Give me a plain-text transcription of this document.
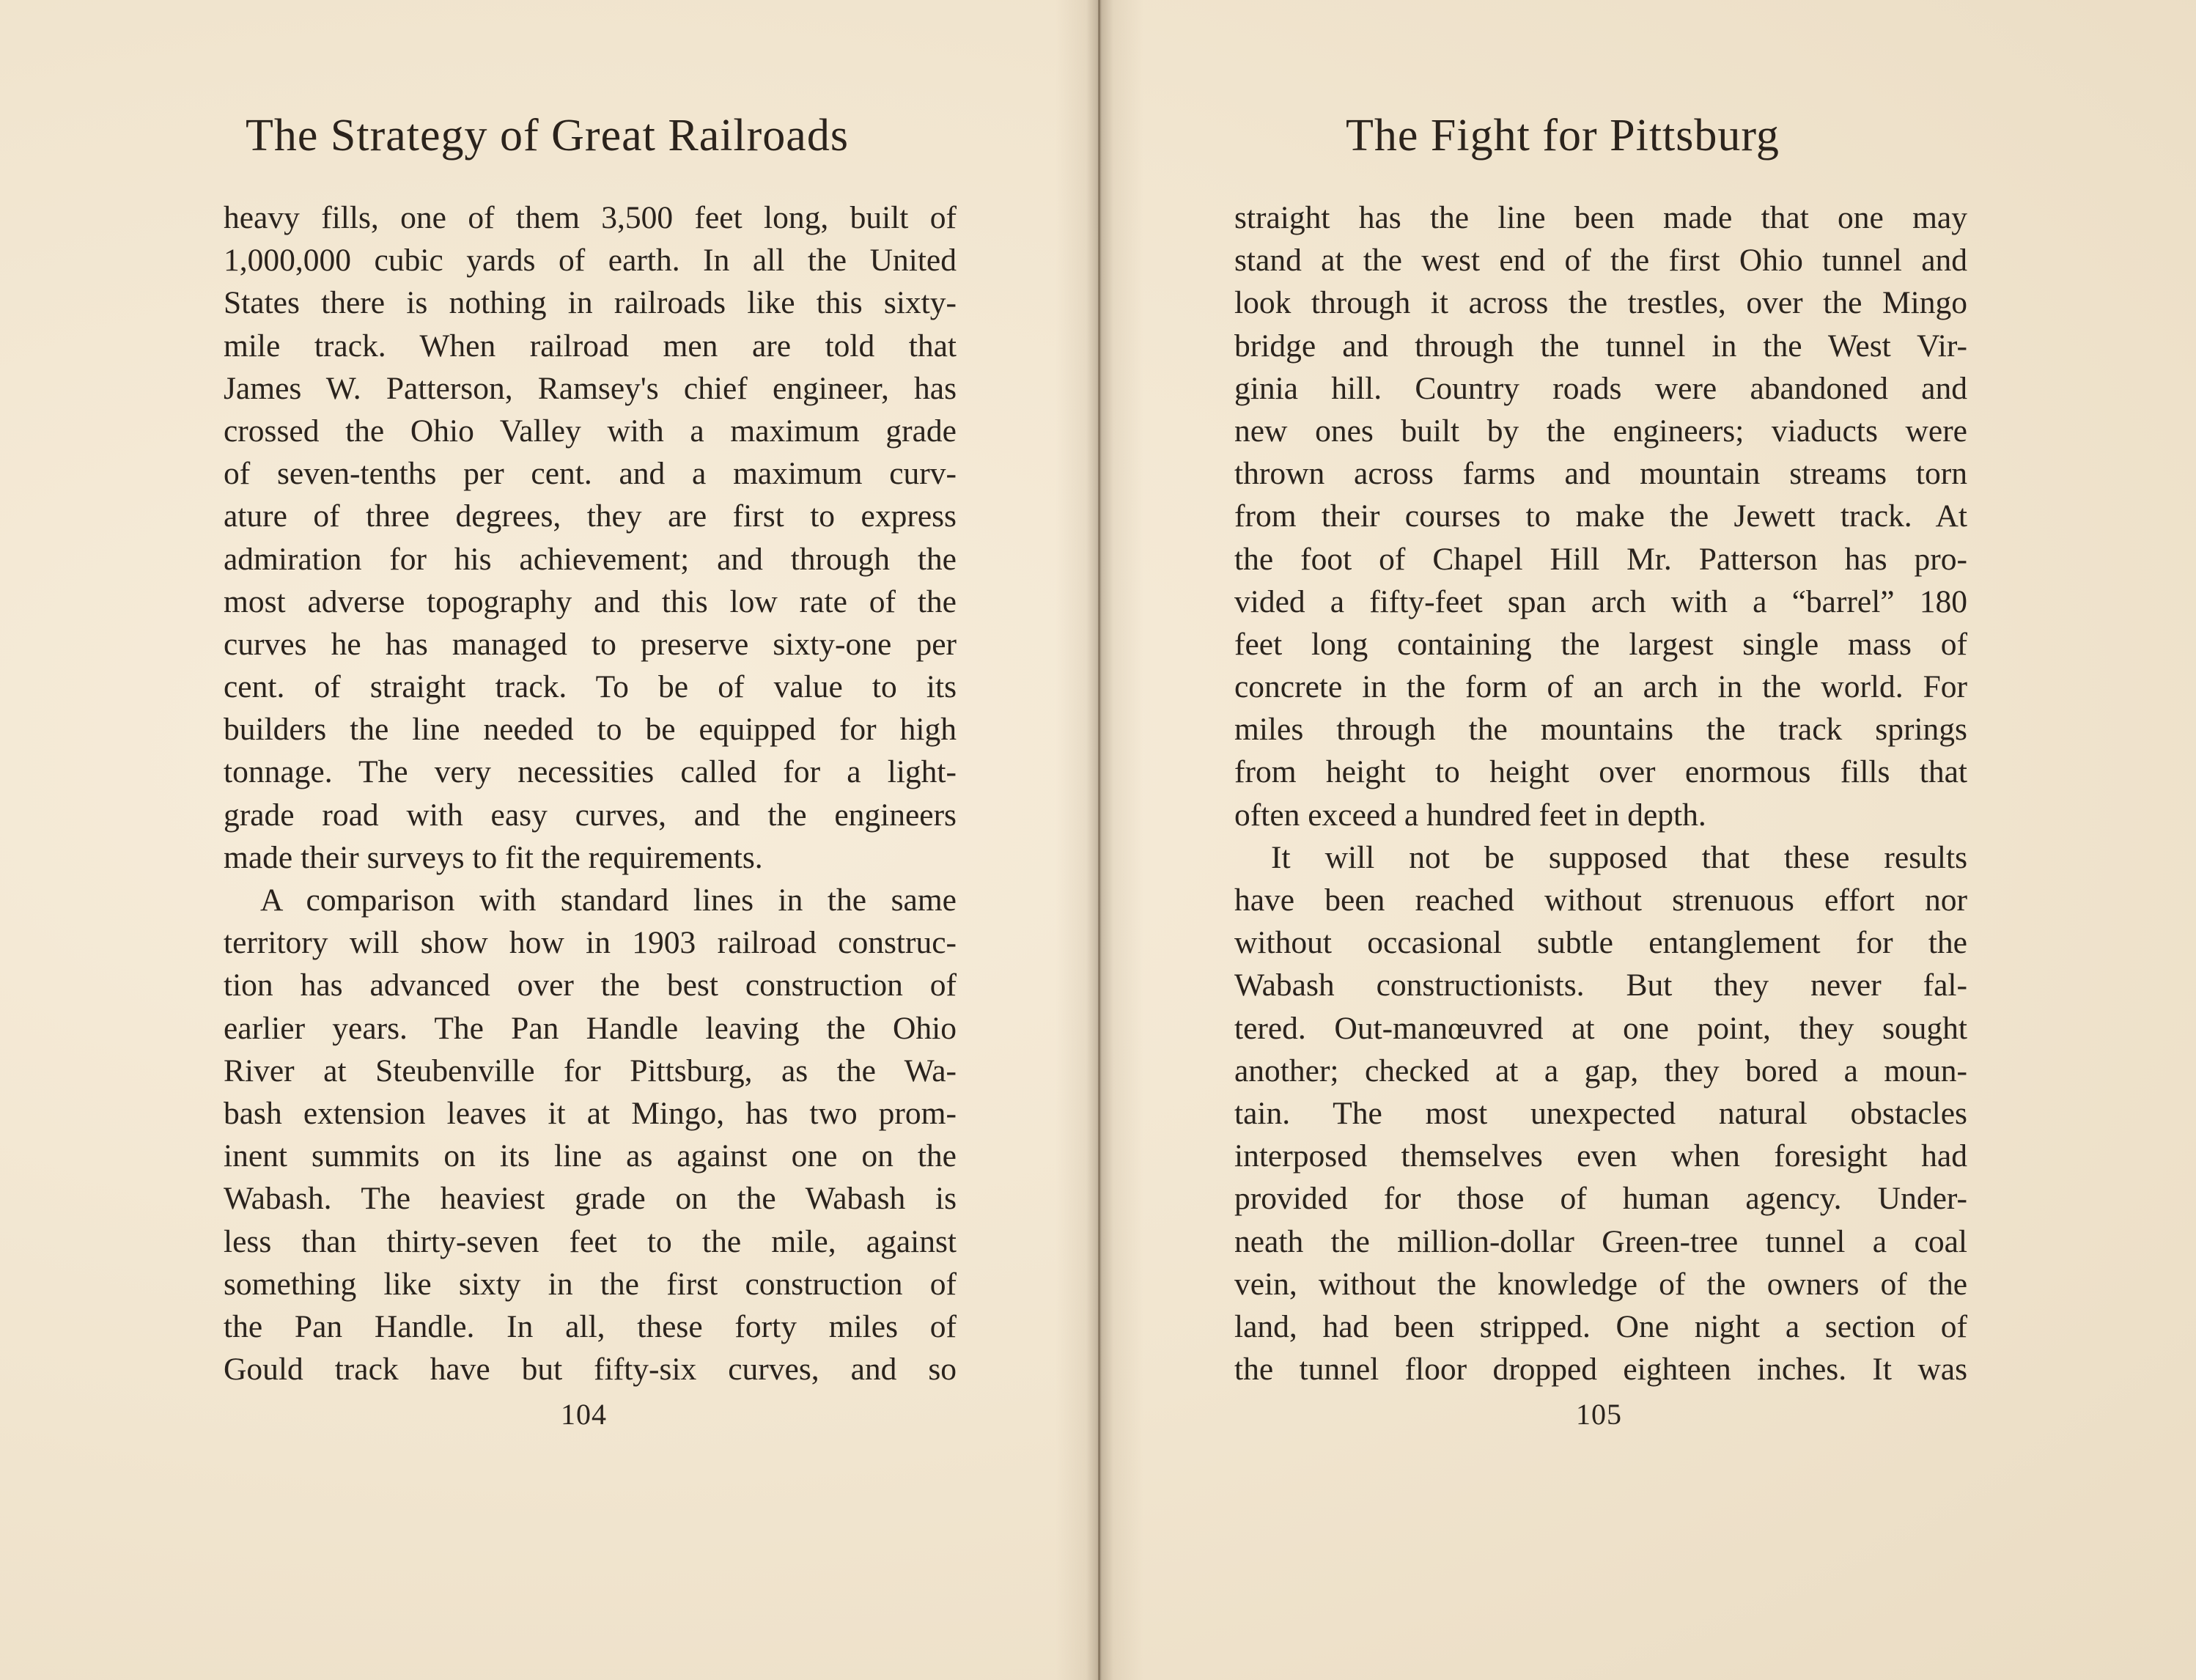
The Strategy of Great Railroads
heavy fills, one of them 3,500 feet long, built of
1,000,000 cubic yards of earth. In all the United
States there is nothing in railroads like this sixty-
mile track. When railroad men are told that
James W. Patterson, Ramsey's chief engineer, has
crossed the Ohio Valley with a maximum grade
of seven-tenths per cent. and a maximum curv-
ature of three degrees, they are first to express
admiration for his achievement; and through the
most adverse topography and this low rate of the
curves he has managed to preserve sixty-one per
cent. of straight track. To be of value to its
builders the line needed to be equipped for high
tonnage. The very necessities called for a light-
grade road with easy curves, and the engineers
made their surveys to fit the requirements.
A comparison with standard lines in the same
territory will show how in 1903 railroad construc-
tion has advanced over the best construction of
earlier years. The Pan Handle leaving the Ohio
River at Steubenville for Pittsburg, as the Wa-
bash extension leaves it at Mingo, has two prom-
inent summits on its line as against one on the
Wabash. The heaviest grade on the Wabash is
less than thirty-seven feet to the mile, against
something like sixty in the first construction of
the Pan Handle. In all, these forty miles of
Gould track have but fifty-six curves, and so
104
The Fight for Pittsburg
straight has the line been made that one may
stand at the west end of the first Ohio tunnel and
look through it across the trestles, over the Mingo
bridge and through the tunnel in the West Vir-
ginia hill. Country roads were abandoned and
new ones built by the engineers; viaducts were
thrown across farms and mountain streams torn
from their courses to make the Jewett track. At
the foot of Chapel Hill Mr. Patterson has pro-
vided a fifty-feet span arch with a “barrel” 180
feet long containing the largest single mass of
concrete in the form of an arch in the world. For
miles through the mountains the track springs
from height to height over enormous fills that
often exceed a hundred feet in depth.
It will not be supposed that these results
have been reached without strenuous effort nor
without occasional subtle entanglement for the
Wabash constructionists. But they never fal-
tered. Out-manœuvred at one point, they sought
another; checked at a gap, they bored a moun-
tain. The most unexpected natural obstacles
interposed themselves even when foresight had
provided for those of human agency. Under-
neath the million-dollar Green-tree tunnel a coal
vein, without the knowledge of the owners of the
land, had been stripped. One night a section of
the tunnel floor dropped eighteen inches. It was
105
